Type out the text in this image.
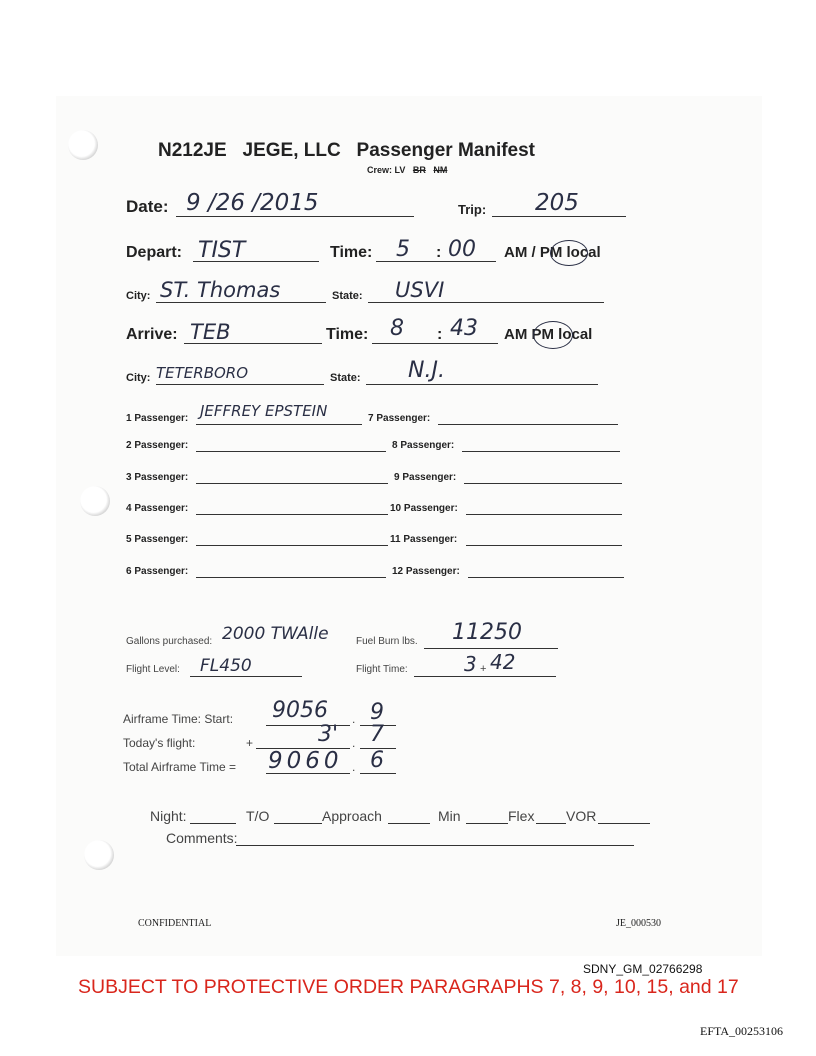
N212JE JEGE, LLC Passenger Manifest
Crew: LV BR NM
Date: 9 /26 /2015	Trip: 205
Depart: TIST	Time: 5 : 00 AM / PM local
City: ST. Thomas	State: USVI
Arrive: TEB	Time: 8 : 43 AM PM local
City: TETERBORO	State: N.J.
1 Passenger: JEFFREY EPSTEIN
2 Passenger:
3 Passenger:
4 Passenger:
5 Passenger:
6 Passenger:
7 Passenger:
8 Passenger:
9 Passenger:
10 Passenger:
11 Passenger:
12 Passenger:
Gallons purchased: 2000 TWAlle	Fuel Burn lbs. 11250
Flight Level: FL450	Flight Time:	3 + 42
Airframe Time: Start: 9056 . 9
Today's flight:	+	3' . 7
Total Airframe Time = 9060 . 6
Night:	T/O	Approach	Min	Flex VOR
Comments:
CONFIDENTIAL	JE_000530
SDNY_GM_02766298
SUBJECT TO PROTECTIVE ORDER PARAGRAPHS 7, 8, 9, 10, 15, and 17
EFTA_00253106
